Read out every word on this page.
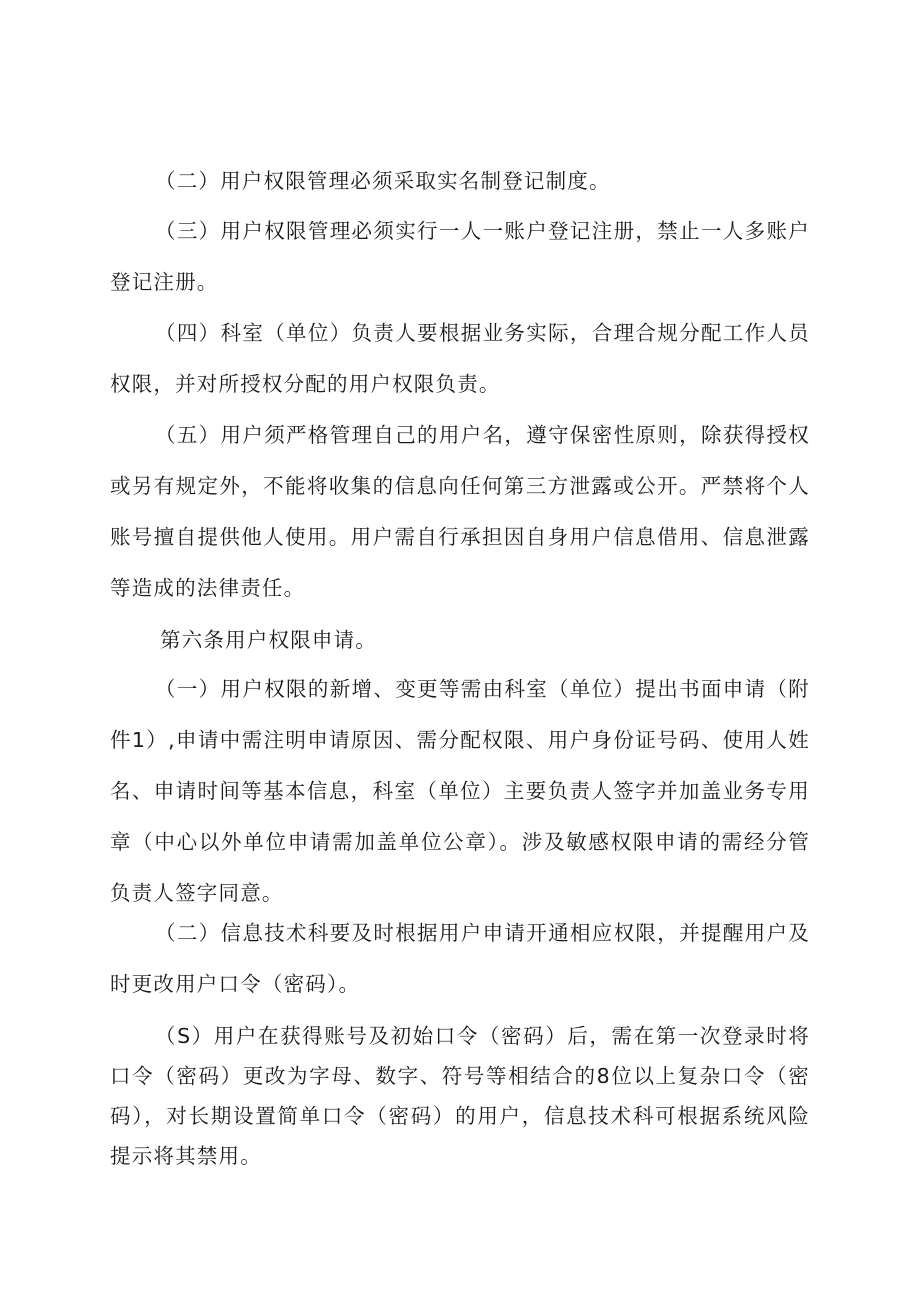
（二）用户权限管理必须采取实名制登记制度。

（三）用户权限管理必须实行一人一账户登记注册，禁止一人多账户登记注册。

（四）科室（单位）负责人要根据业务实际，合理合规分配工作人员权限，并对所授权分配的用户权限负责。

（五）用户须严格管理自己的用户名，遵守保密性原则，除获得授权或另有规定外，不能将收集的信息向任何第三方泄露或公开。严禁将个人账号擅自提供他人使用。用户需自行承担因自身用户信息借用、信息泄露等造成的法律责任。

第六条用户权限申请。

（一）用户权限的新增、变更等需由科室（单位）提出书面申请（附件1）,申请中需注明申请原因、需分配权限、用户身份证号码、使用人姓名、申请时间等基本信息，科室（单位）主要负责人签字并加盖业务专用章（中心以外单位申请需加盖单位公章）。涉及敏感权限申请的需经分管负责人签字同意。

（二）信息技术科要及时根据用户申请开通相应权限，并提醒用户及时更改用户口令（密码）。

（S）用户在获得账号及初始口令（密码）后，需在第一次登录时将口令（密码）更改为字母、数字、符号等相结合的8位以上复杂口令（密码），对长期设置简单口令（密码）的用户，信息技术科可根据系统风险提示将其禁用。
